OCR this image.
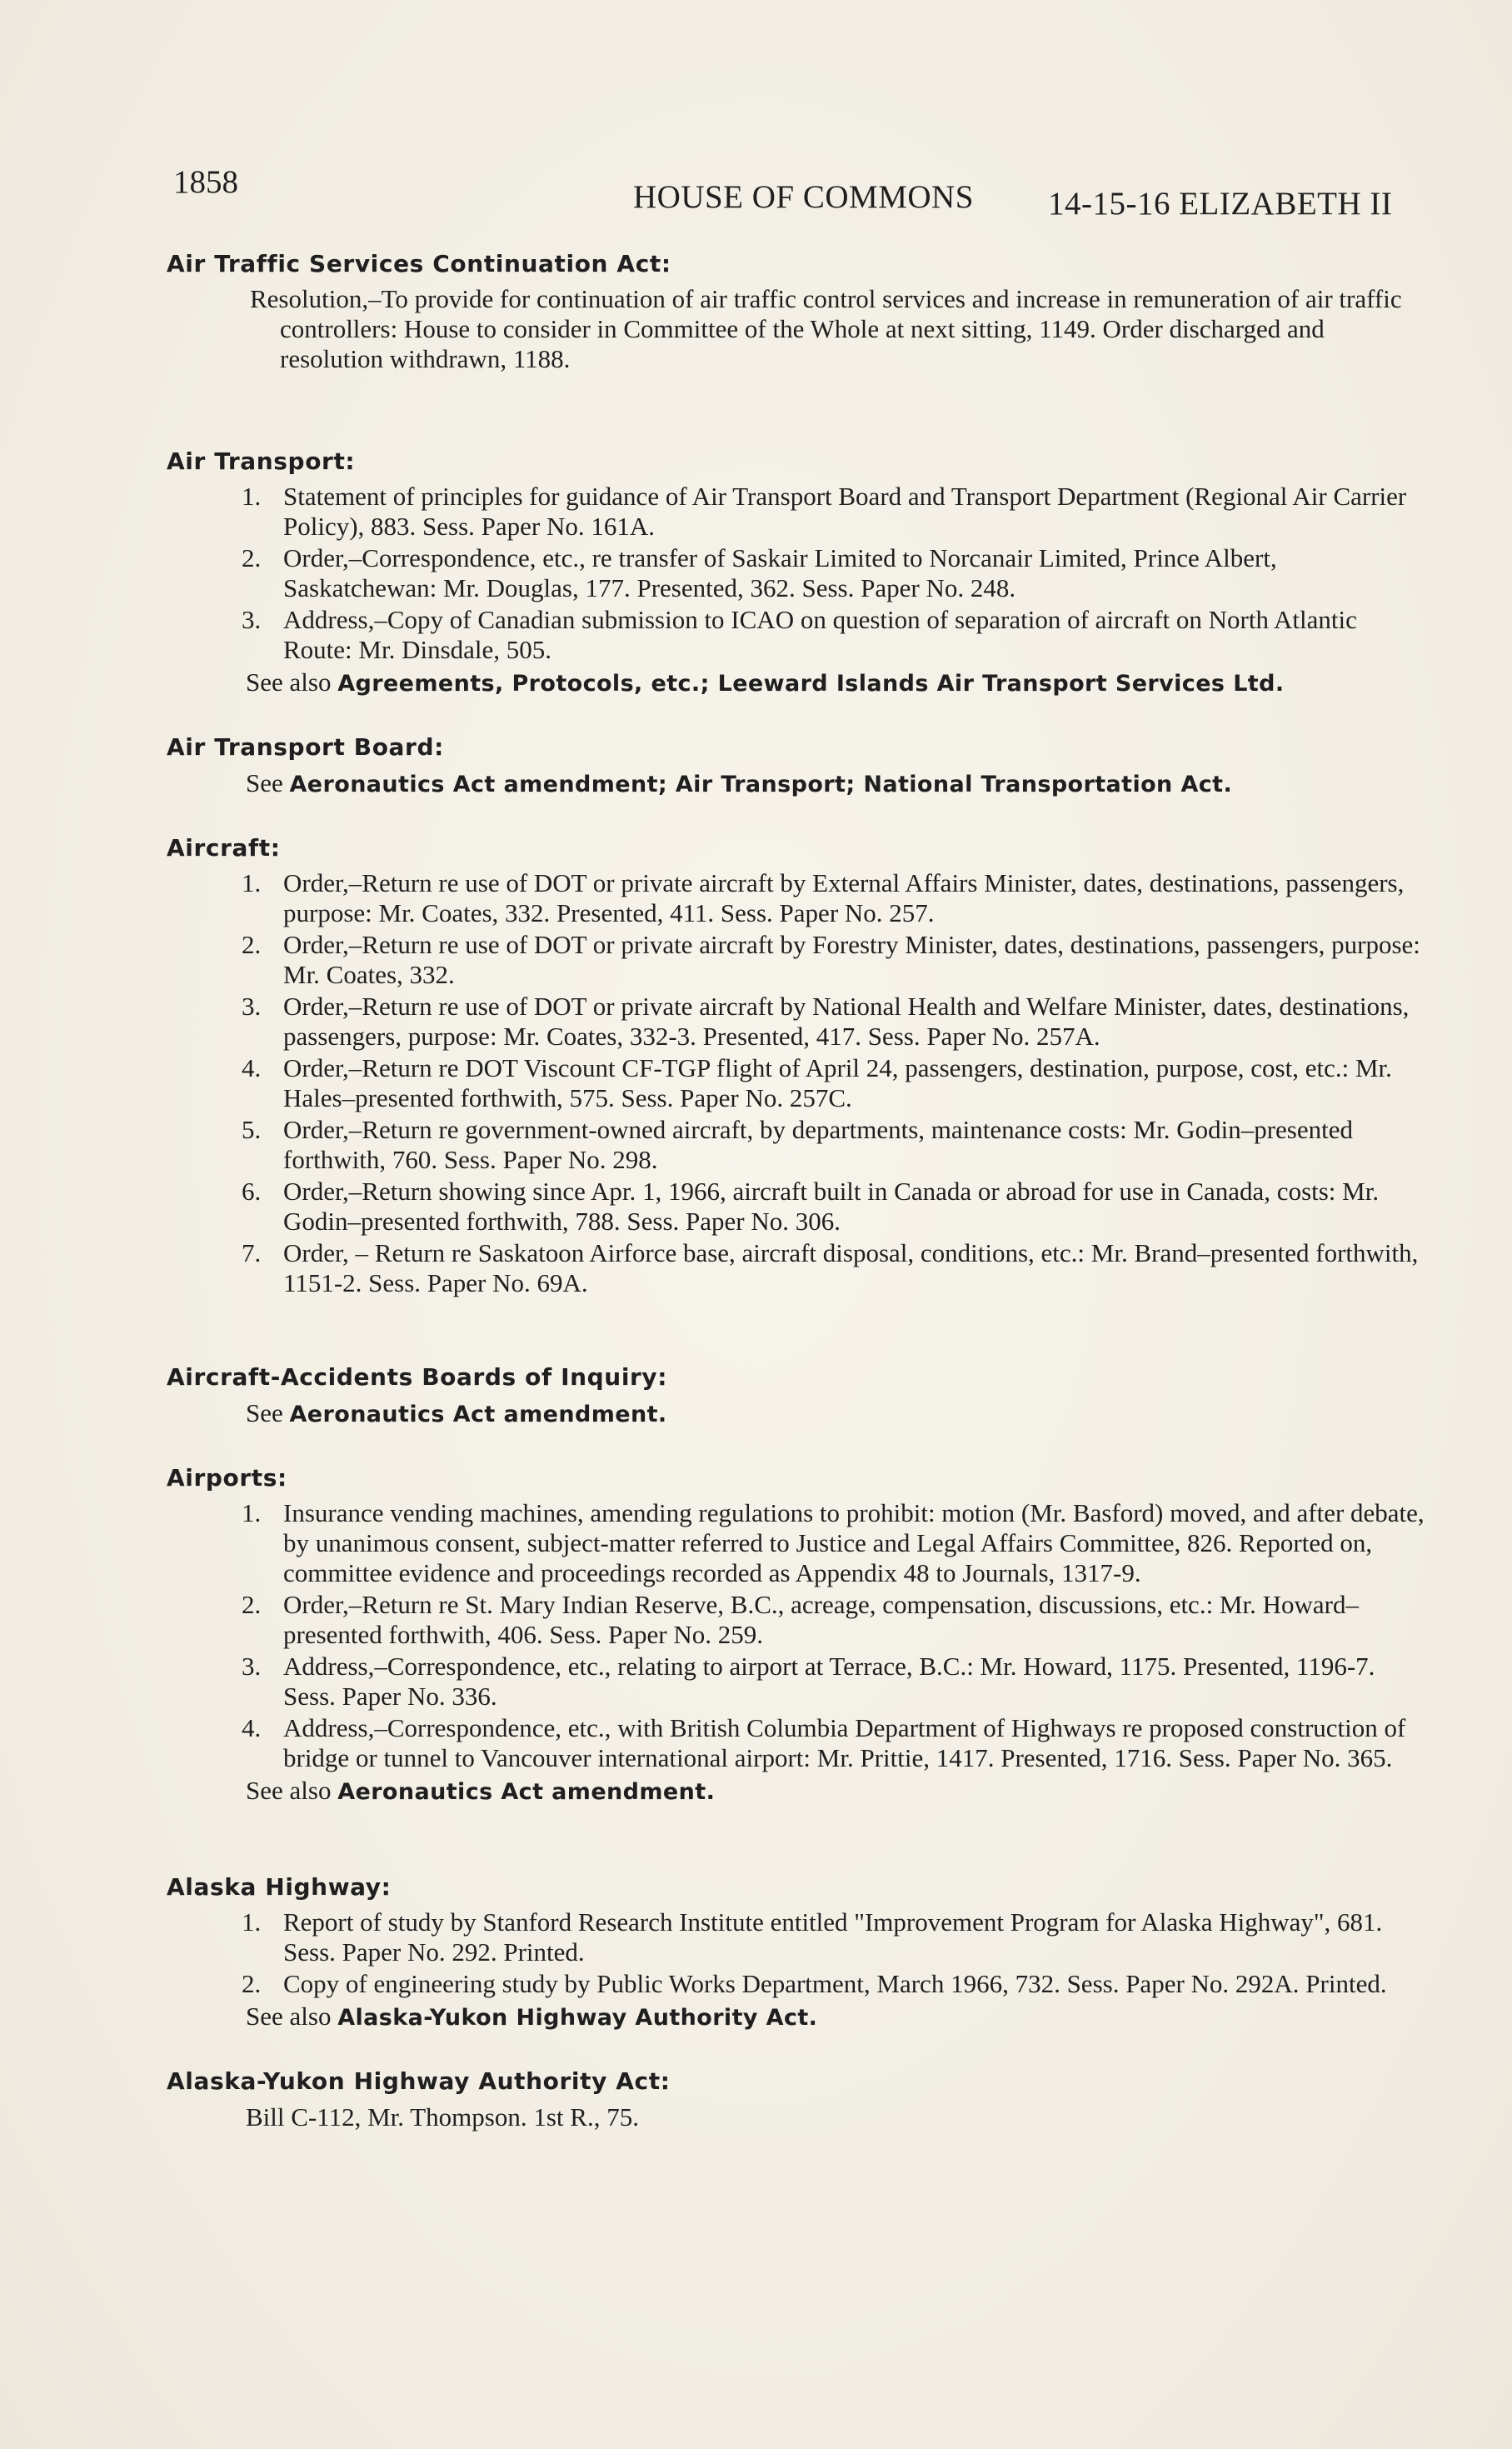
1858	HOUSE OF COMMONS 14-15-16 ELIZABETH II
Air Traffic Services Continuation Act:
Resolution,–To provide for continuation of air traffic control services and increase in remuneration of air traffic controllers: House to consider in Committee of the Whole at next sitting, 1149. Order discharged and resolution withdrawn, 1188.
Air Transport:
1. Statement of principles for guidance of Air Transport Board and Transport Department (Regional Air Carrier Policy), 883. Sess. Paper No. 161A.
2. Order,–Correspondence, etc., re transfer of Saskair Limited to Norcanair Limited, Prince Albert, Saskatchewan: Mr. Douglas, 177. Presented, 362. Sess. Paper No. 248.
3. Address,–Copy of Canadian submission to ICAO on question of separation of aircraft on North Atlantic Route: Mr. Dinsdale, 505.
See also Agreements, Protocols, etc.; Leeward Islands Air Transport Services Ltd.
Air Transport Board:
See Aeronautics Act amendment; Air Transport; National Transportation Act.
Aircraft:
1. Order,–Return re use of DOT or private aircraft by External Affairs Minister, dates, destinations, passengers, purpose: Mr. Coates, 332. Presented, 411. Sess. Paper No. 257.
2. Order,–Return re use of DOT or private aircraft by Forestry Minister, dates, destinations, passengers, purpose: Mr. Coates, 332.
3. Order,–Return re use of DOT or private aircraft by National Health and Welfare Minister, dates, destinations, passengers, purpose: Mr. Coates, 332-3. Presented, 417. Sess. Paper No. 257A.
4. Order,–Return re DOT Viscount CF-TGP flight of April 24, passengers, destination, purpose, cost, etc.: Mr. Hales–presented forthwith, 575. Sess. Paper No. 257C.
5. Order,–Return re government-owned aircraft, by departments, maintenance costs: Mr. Godin–presented forthwith, 760. Sess. Paper No. 298.
6. Order,–Return showing since Apr. 1, 1966, aircraft built in Canada or abroad for use in Canada, costs: Mr. Godin–presented forthwith, 788. Sess. Paper No. 306.
7. Order, – Return re Saskatoon Airforce base, aircraft disposal, conditions, etc.: Mr. Brand–presented forthwith, 1151-2. Sess. Paper No. 69A.
Aircraft-Accidents Boards of Inquiry:
See Aeronautics Act amendment.
Airports:
1. Insurance vending machines, amending regulations to prohibit: motion (Mr. Basford) moved, and after debate, by unanimous consent, subject-matter referred to Justice and Legal Affairs Committee, 826. Reported on, committee evidence and proceedings recorded as Appendix 48 to Journals, 1317-9.
2. Order,–Return re St. Mary Indian Reserve, B.C., acreage, compensation, discussions, etc.: Mr. Howard–presented forthwith, 406. Sess. Paper No. 259.
3. Address,–Correspondence, etc., relating to airport at Terrace, B.C.: Mr. Howard, 1175. Presented, 1196-7. Sess. Paper No. 336.
4. Address,–Correspondence, etc., with British Columbia Department of Highways re proposed construction of bridge or tunnel to Vancouver international airport: Mr. Prittie, 1417. Presented, 1716. Sess. Paper No. 365.
See also Aeronautics Act amendment.
Alaska Highway:
1. Report of study by Stanford Research Institute entitled "Improvement Program for Alaska Highway", 681. Sess. Paper No. 292. Printed.
2. Copy of engineering study by Public Works Department, March 1966, 732. Sess. Paper No. 292A. Printed.
See also Alaska-Yukon Highway Authority Act.
Alaska-Yukon Highway Authority Act:
Bill C-112, Mr. Thompson. 1st R., 75.
